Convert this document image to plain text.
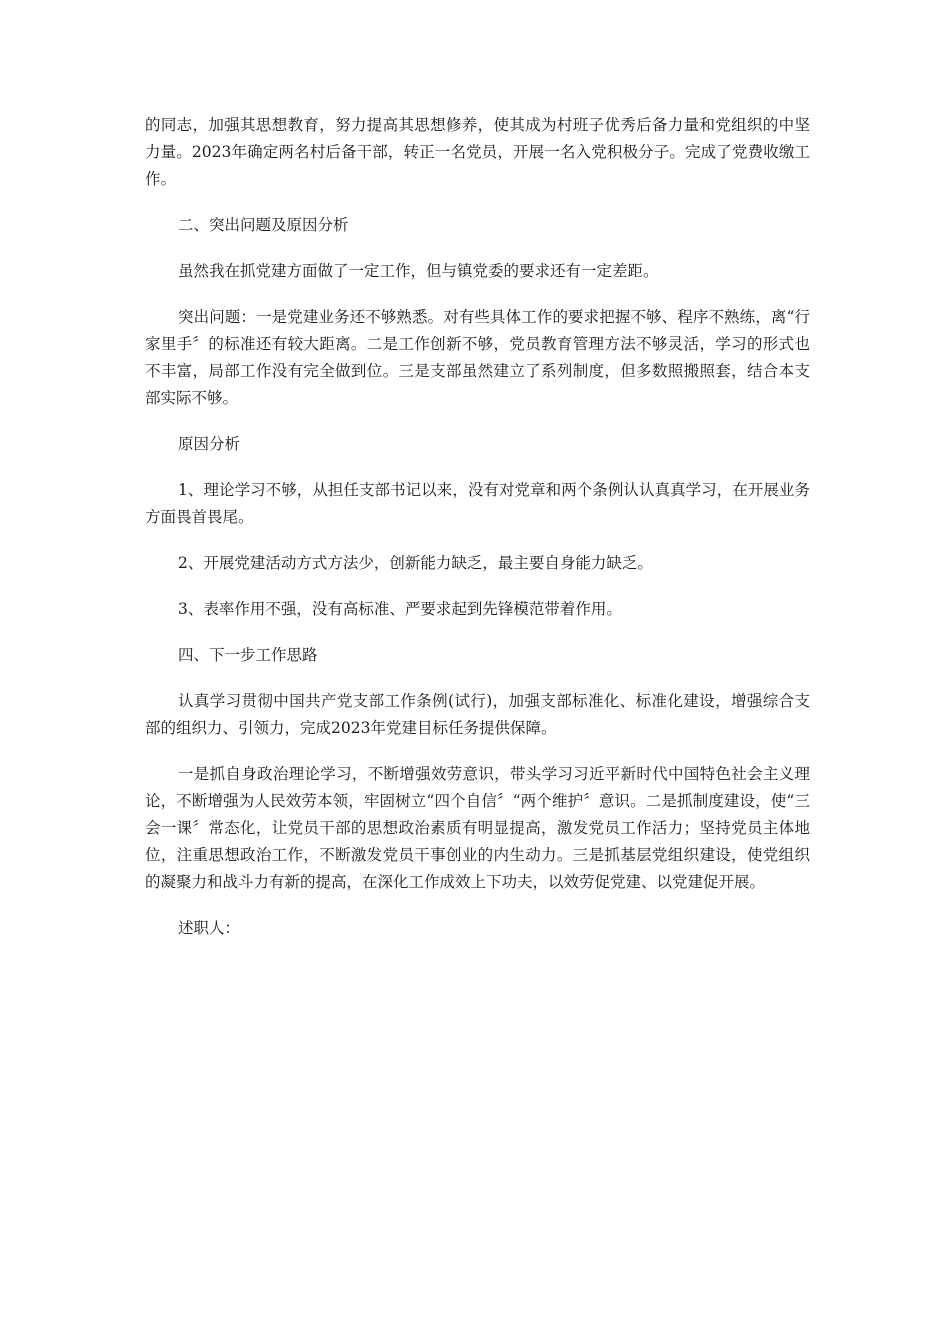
的同志，加强其思想教育，努力提高其思想修养，使其成为村班子优秀后备力量和党组织的中坚力量。2023年确定两名村后备干部，转正一名党员，开展一名入党积极分子。完成了党费收缴工作。

二、突出问题及原因分析

虽然我在抓党建方面做了一定工作，但与镇党委的要求还有一定差距。

突出问题：一是党建业务还不够熟悉。对有些具体工作的要求把握不够、程序不熟练，离“行家里手〞的标准还有较大距离。二是工作创新不够，党员教育管理方法不够灵活，学习的形式也不丰富，局部工作没有完全做到位。三是支部虽然建立了系列制度，但多数照搬照套，结合本支部实际不够。

原因分析

1、理论学习不够，从担任支部书记以来，没有对党章和两个条例认认真真学习，在开展业务方面畏首畏尾。

2、开展党建活动方式方法少，创新能力缺乏，最主要自身能力缺乏。

3、表率作用不强，没有高标准、严要求起到先锋模范带着作用。

四、下一步工作思路

认真学习贯彻中国共产党支部工作条例(试行)，加强支部标准化、标准化建设，增强综合支部的组织力、引领力，完成2023年党建目标任务提供保障。

一是抓自身政治理论学习，不断增强效劳意识，带头学习习近平新时代中国特色社会主义理论，不断增强为人民效劳本领，牢固树立“四个自信〞“两个维护〞意识。二是抓制度建设，使“三会一课〞常态化，让党员干部的思想政治素质有明显提高，激发党员工作活力；坚持党员主体地位，注重思想政治工作，不断激发党员干事创业的内生动力。三是抓基层党组织建设，使党组织的凝聚力和战斗力有新的提高，在深化工作成效上下功夫，以效劳促党建、以党建促开展。

述职人：
